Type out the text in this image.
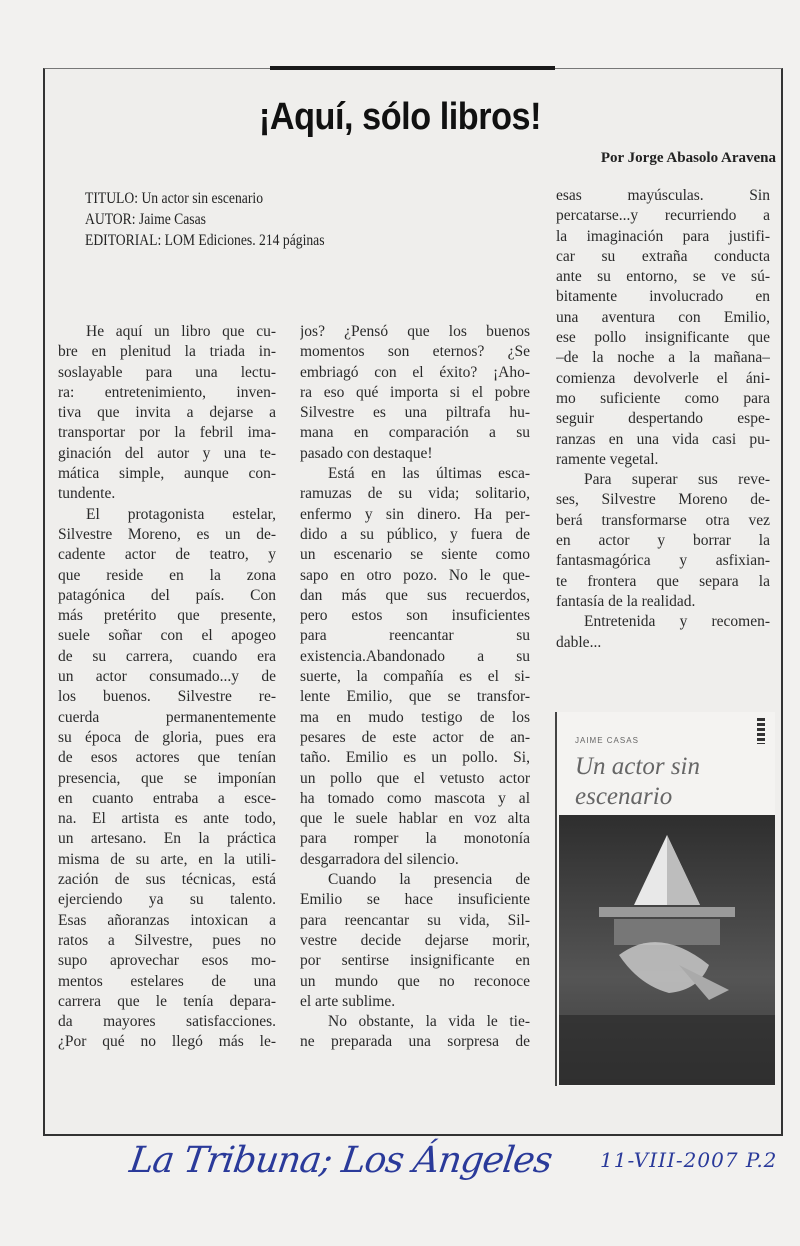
¡Aquí, sólo libros!
Por Jorge Abasolo Aravena
TITULO: Un actor sin escenario
AUTOR: Jaime Casas
EDITORIAL: LOM Ediciones. 214 páginas
He aquí un libro que cu-
bre en plenitud la triada in-
soslayable para una lectu-
ra: entretenimiento, inven-
tiva que invita a dejarse a
transportar por la febril ima-
ginación del autor y una te-
mática simple, aunque con-
tundente.
El protagonista estelar,
Silvestre Moreno, es un de-
cadente actor de teatro, y
que reside en la zona
patagónica del país. Con
más pretérito que presente,
suele soñar con el apogeo
de su carrera, cuando era
un actor consumado...y de
los buenos. Silvestre re-
cuerda permanentemente
su época de gloria, pues era
de esos actores que tenían
presencia, que se imponían
en cuanto entraba a esce-
na. El artista es ante todo,
un artesano. En la práctica
misma de su arte, en la utili-
zación de sus técnicas, está
ejerciendo ya su talento.
Esas añoranzas intoxican a
ratos a Silvestre, pues no
supo aprovechar esos mo-
mentos estelares de una
carrera que le tenía depara-
da mayores satisfacciones.
¿Por qué no llegó más le-
jos? ¿Pensó que los buenos
momentos son eternos? ¿Se
embriagó con el éxito? ¡Aho-
ra eso qué importa si el pobre
Silvestre es una piltrafa hu-
mana en comparación a su
pasado con destaque!
Está en las últimas esca-
ramuzas de su vida; solitario,
enfermo y sin dinero. Ha per-
dido a su público, y fuera de
un escenario se siente como
sapo en otro pozo. No le que-
dan más que sus recuerdos,
pero estos son insuficientes
para reencantar su
existencia.Abandonado a su
suerte, la compañía es el si-
lente Emilio, que se transfor-
ma en mudo testigo de los
pesares de este actor de an-
taño. Emilio es un pollo. Si,
un pollo que el vetusto actor
ha tomado como mascota y al
que le suele hablar en voz alta
para romper la monotonía
desgarradora del silencio.
Cuando la presencia de
Emilio se hace insuficiente
para reencantar su vida, Sil-
vestre decide dejarse morir,
por sentirse insignificante en
un mundo que no reconoce
el arte sublime.
No obstante, la vida le tie-
ne preparada una sorpresa de
esas mayúsculas. Sin
percatarse...y recurriendo a
la imaginación para justifi-
car su extraña conducta
ante su entorno, se ve sú-
bitamente involucrado en
una aventura con Emilio,
ese pollo insignificante que
–de la noche a la mañana–
comienza devolverle el áni-
mo suficiente como para
seguir despertando espe-
ranzas en una vida casi pu-
ramente vegetal.
Para superar sus reve-
ses, Silvestre Moreno de-
berá transformarse otra vez
en actor y borrar la
fantasmagórica y asfixian-
te frontera que separa la
fantasía de la realidad.
Entretenida y recomen-
dable...
JAIME CASAS
Un actor sin
escenario
La Tribuna; Los Ángeles 11-VIII-2007 P.2
